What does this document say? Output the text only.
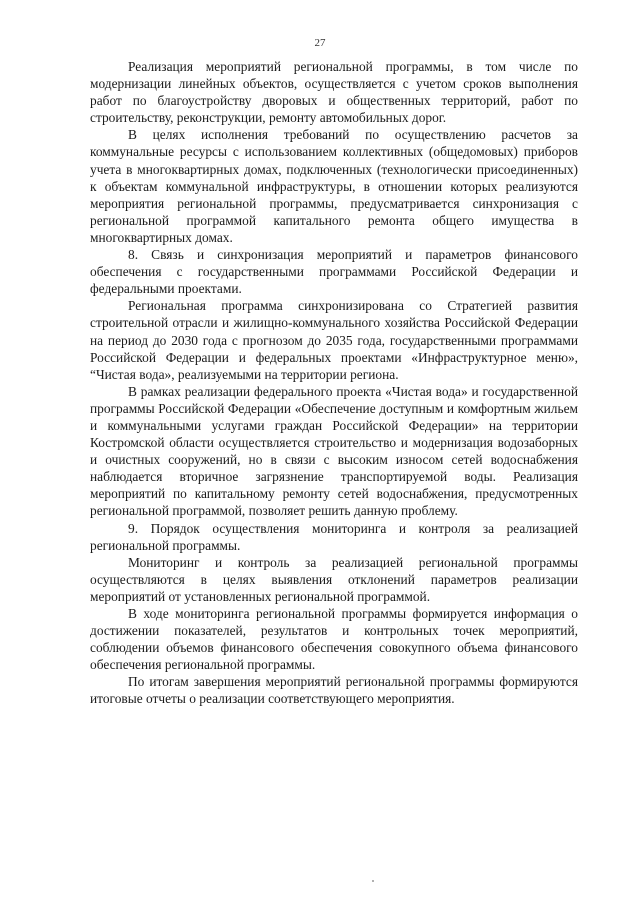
27

Реализация мероприятий региональной программы, в том числе по модернизации линейных объектов, осуществляется с учетом сроков выполнения работ по благоустройству дворовых и общественных территорий, работ по строительству, реконструкции, ремонту автомобильных дорог.

В целях исполнения требований по осуществлению расчетов за коммунальные ресурсы с использованием коллективных (общедомовых) приборов учета в многоквартирных домах, подключенных (технологически присоединенных) к объектам коммунальной инфраструктуры, в отношении которых реализуются мероприятия региональной программы, предусматривается синхронизация с региональной программой капитального ремонта общего имущества в многоквартирных домах.

8. Связь и синхронизация мероприятий и параметров финансового обеспечения с государственными программами Российской Федерации и федеральными проектами.

Региональная программа синхронизирована со Стратегией развития строительной отрасли и жилищно-коммунального хозяйства Российской Федерации на период до 2030 года с прогнозом до 2035 года, государственными программами Российской Федерации и федеральных проектами «Инфраструктурное меню», “Чистая вода», реализуемыми на территории региона.

В рамках реализации федерального проекта «Чистая вода» и государственной программы Российской Федерации «Обеспечение доступным и комфортным жильем и коммунальными услугами граждан Российской Федерации» на территории Костромской области осуществляется строительство и модернизация водозаборных и очистных сооружений, но в связи с высоким износом сетей водоснабжения наблюдается вторичное загрязнение транспортируемой воды. Реализация мероприятий по капитальному ремонту сетей водоснабжения, предусмотренных региональной программой, позволяет решить данную проблему.

9. Порядок осуществления мониторинга и контроля за реализацией региональной программы.

Мониторинг и контроль за реализацией региональной программы осуществляются в целях выявления отклонений параметров реализации мероприятий от установленных региональной программой.

В ходе мониторинга региональной программы формируется информация о достижении показателей, результатов и контрольных точек мероприятий, соблюдении объемов финансового обеспечения совокупного объема финансового обеспечения региональной программы.

По итогам завершения мероприятий региональной программы формируются итоговые отчеты о реализации соответствующего мероприятия.
